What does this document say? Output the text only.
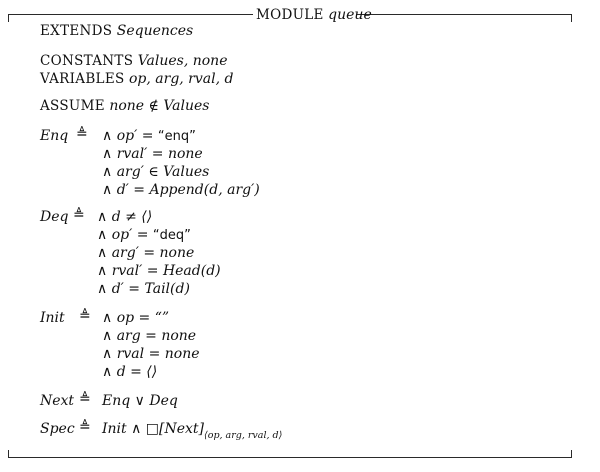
MODULE queue
EXTENDS Sequences
CONSTANTS Values, none
VARIABLES op, arg, rval, d
ASSUME none ∉ Values
Enq ≜ ∧ op′ = “enq”
∧ rval′ = none
∧ arg′ ∈ Values
∧ d′ = Append(d, arg′)
Deq ≜ ∧ d ≠ ⟨⟩
∧ op′ = “deq”
∧ arg′ = none
∧ rval′ = Head(d)
∧ d′ = Tail(d)
Init ≜ ∧ op = “”
∧ arg = none
∧ rval = none
∧ d = ⟨⟩
Next ≜ Enq ∨ Deq
Spec ≜ Init ∧ $□[Next]_{⟨op, arg, rval, d⟩}$
